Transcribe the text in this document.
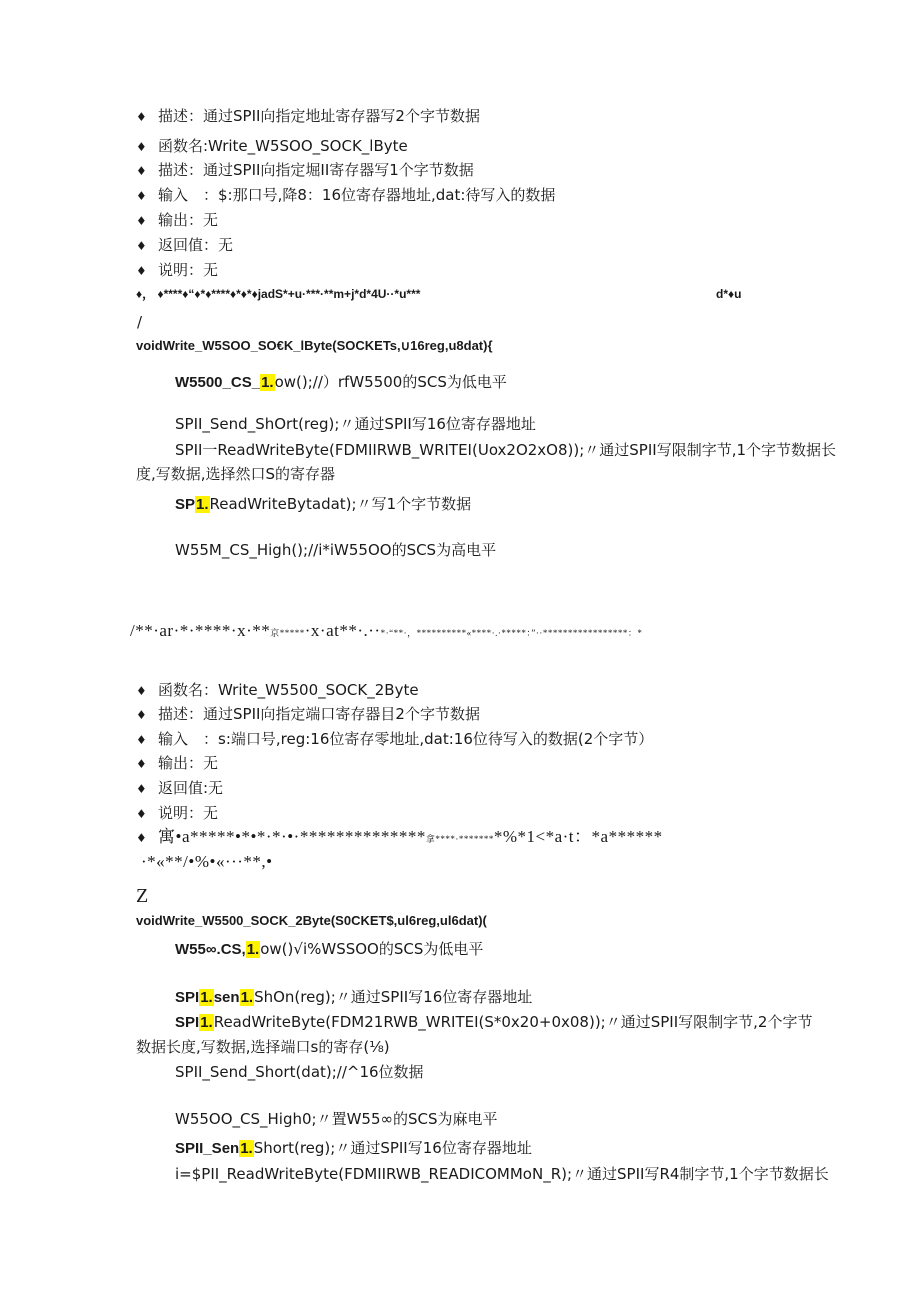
♦ 描述：通过SPII向指定地址寄存器写2个字节数据
♦ 函数名:Write_W5SOO_SOCK_lByte
♦ 描述：通过SPII向指定堀II寄存器写1个字节数据
♦ 输入　：$:那口号,降8：16位寄存器地址,dat:待写入的数据
♦ 输出：无
♦ 返回值：无
♦ 说明：无
♦， ♦****♦“♦*♦****♦*♦*♦jadS*+u·***·**m+j*d*4U··*u***	d*♦u
/
voidWrite_W5SOO_SO€K_lByte(SOCKETs,∪16reg,u8dat){
W5500_CS_1.ow();//）rfW5500的SCS为低电平
SPII_Send_ShOrt(reg);〃通过SPII写16位寄存器地址
SPII一ReadWriteByte(FDMIIRWB_WRITEI(Uox2O2xO8));〃通过SPII写限制字节,1个字节数据长
度,写数据,选择然口S的寄存器
SP1.ReadWriteBytadat);〃写1个字节数据
W55M_CS_High();//i*iW55OO的SCS为高电平
/**·ar·*·****·x·**京*****·x·at**·.··*·“**·，**********«****·.·*****：”··*****************：*
♦ 函数名：Write_W5500_SOCK_2Byte
♦ 描述：通过SPII向指定端口寄存器目2个字节数据
♦ 输入　：s:端口号,reg:16位寄存零地址,dat:16位待写入的数据(2个字节）
♦ 输出：无
♦ 返回值:无
♦ 说明：无
♦ 寓•a*****•*•*·*·•·**************拿****·********%*1<*a·t：*a******
·*«**/•%•«···**,•
Z
voidWrite_W5500_SOCK_2Byte(S0CKET$,ul6reg,ul6dat)(
W55∞.CS,1.ow()√i%WSSOO的SCS为低电平
SPI1.sen1.ShOn(reg);〃通过SPII写16位寄存器地址
SPI1.ReadWriteByte(FDM21RWB_WRITEI(S*0x20+0x08));〃通过SPII写限制字节,2个字节
数据长度,写数据,选择端口s的寄存(⅛)
SPII_Send_Short(dat);//^16位数据
W55OO_CS_High0;〃置W55∞的SCS为麻电平
SPII_Sen1.Short(reg);〃通过SPII写16位寄存器地址
i=$PII_ReadWriteByte(FDMIIRWB_READICOMMoN_R);〃通过SPII写R4制字节,1个字节数据长
